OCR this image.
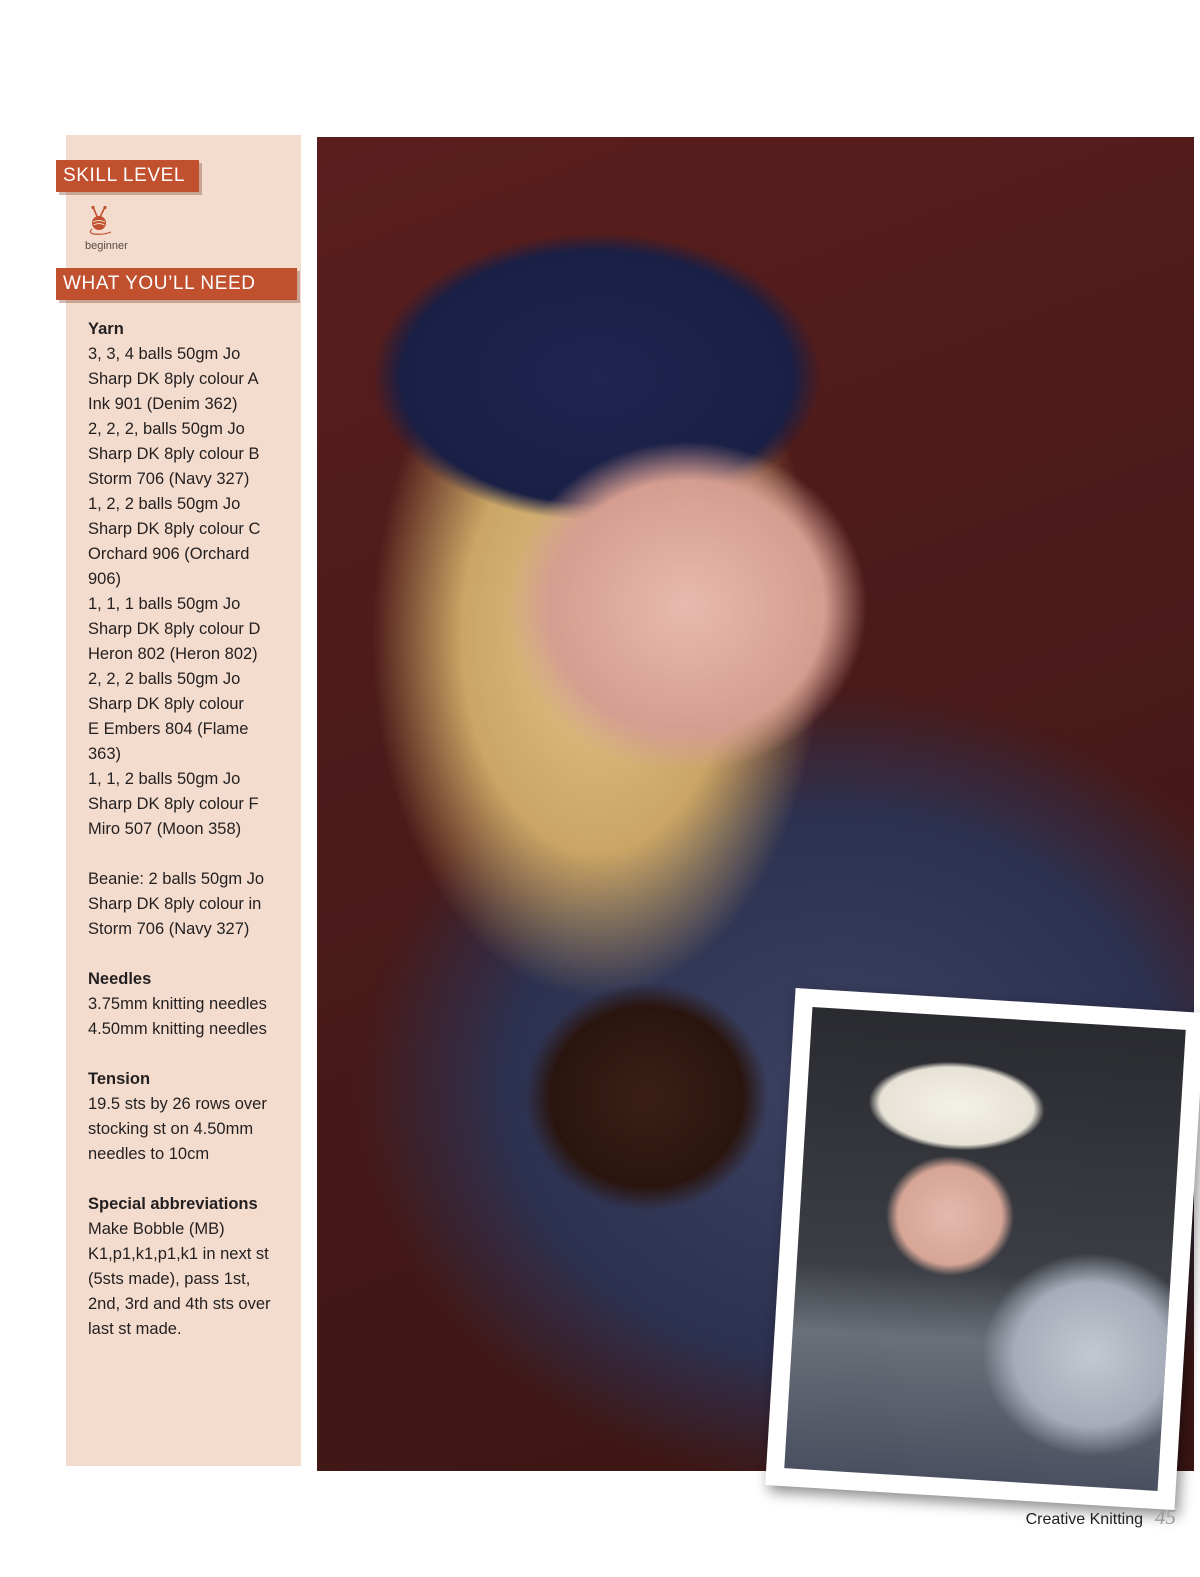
SKILL LEVEL
beginner
WHAT YOU’LL NEED
Yarn
3, 3, 4 balls 50gm Jo
Sharp DK 8ply colour A
Ink 901 (Denim 362)
2, 2, 2, balls 50gm Jo
Sharp DK 8ply colour B
Storm 706 (Navy 327)
1, 2, 2 balls 50gm Jo
Sharp DK 8ply colour C
Orchard 906 (Orchard
906)
1, 1, 1 balls 50gm Jo
Sharp DK 8ply colour D
Heron 802 (Heron 802)
2, 2, 2 balls 50gm Jo
Sharp DK 8ply colour
E Embers 804 (Flame
363)
1, 1, 2 balls 50gm Jo
Sharp DK 8ply colour F
Miro 507 (Moon 358)
Beanie: 2 balls 50gm Jo
Sharp DK 8ply colour in
Storm 706 (Navy 327)
Needles
3.75mm knitting needles
4.50mm knitting needles
Tension
19.5 sts by 26 rows over
stocking st on 4.50mm
needles to 10cm
Special abbreviations
Make Bobble (MB)
K1,p1,k1,p1,k1 in next st
(5sts made), pass 1st,
2nd, 3rd and 4th sts over
last st made.
Creative Knitting 45
